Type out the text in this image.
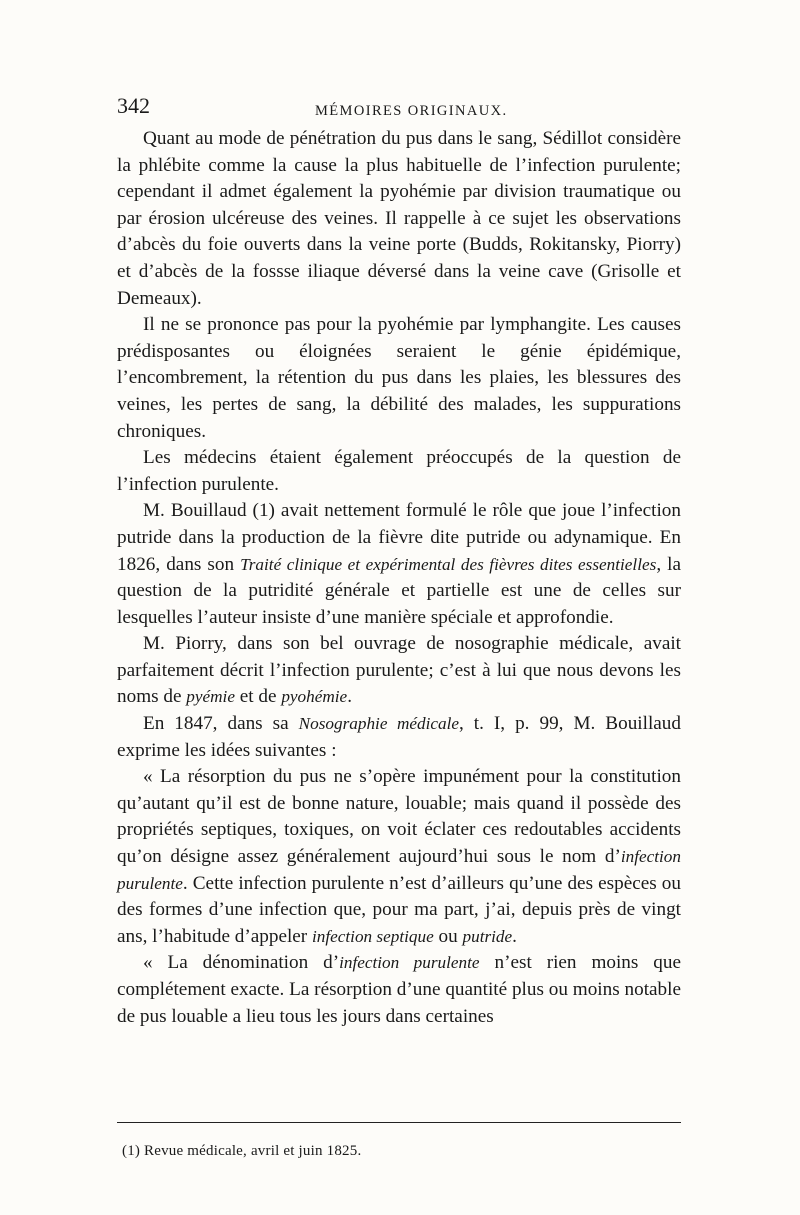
342	MÉMOIRES ORIGINAUX.

Quant au mode de pénétration du pus dans le sang, Sédillot considère la phlébite comme la cause la plus habituelle de l’infection purulente; cependant il admet également la pyohémie par division traumatique ou par érosion ulcéreuse des veines. Il rappelle à ce sujet les observations d’abcès du foie ouverts dans la veine porte (Budds, Rokitansky, Piorry) et d’abcès de la fossse iliaque déversé dans la veine cave (Grisolle et Demeaux).

Il ne se prononce pas pour la pyohémie par lymphangite. Les causes prédisposantes ou éloignées seraient le génie épidémique, l’encombrement, la rétention du pus dans les plaies, les blessures des veines, les pertes de sang, la débilité des malades, les suppurations chroniques.

Les médecins étaient également préoccupés de la question de l’infection purulente.

M. Bouillaud (1) avait nettement formulé le rôle que joue l’infection putride dans la production de la fièvre dite putride ou adynamique. En 1826, dans son Traité clinique et expérimental des fièvres dites essentielles, la question de la putridité générale et partielle est une de celles sur lesquelles l’auteur insiste d’une manière spéciale et approfondie.

M. Piorry, dans son bel ouvrage de nosographie médicale, avait parfaitement décrit l’infection purulente; c’est à lui que nous devons les noms de pyémie et de pyohémie.

En 1847, dans sa Nosographie médicale, t. I, p. 99, M. Bouillaud exprime les idées suivantes :

« La résorption du pus ne s’opère impunément pour la constitution qu’autant qu’il est de bonne nature, louable; mais quand il possède des propriétés septiques, toxiques, on voit éclater ces redoutables accidents qu’on désigne assez généralement aujourd’hui sous le nom d’infection purulente. Cette infection purulente n’est d’ailleurs qu’une des espèces ou des formes d’une infection que, pour ma part, j’ai, depuis près de vingt ans, l’habitude d’appeler infection septique ou putride.

« La dénomination d’infection purulente n’est rien moins que complétement exacte. La résorption d’une quantité plus ou moins notable de pus louable a lieu tous les jours dans certaines

(1) Revue médicale, avril et juin 1825.
